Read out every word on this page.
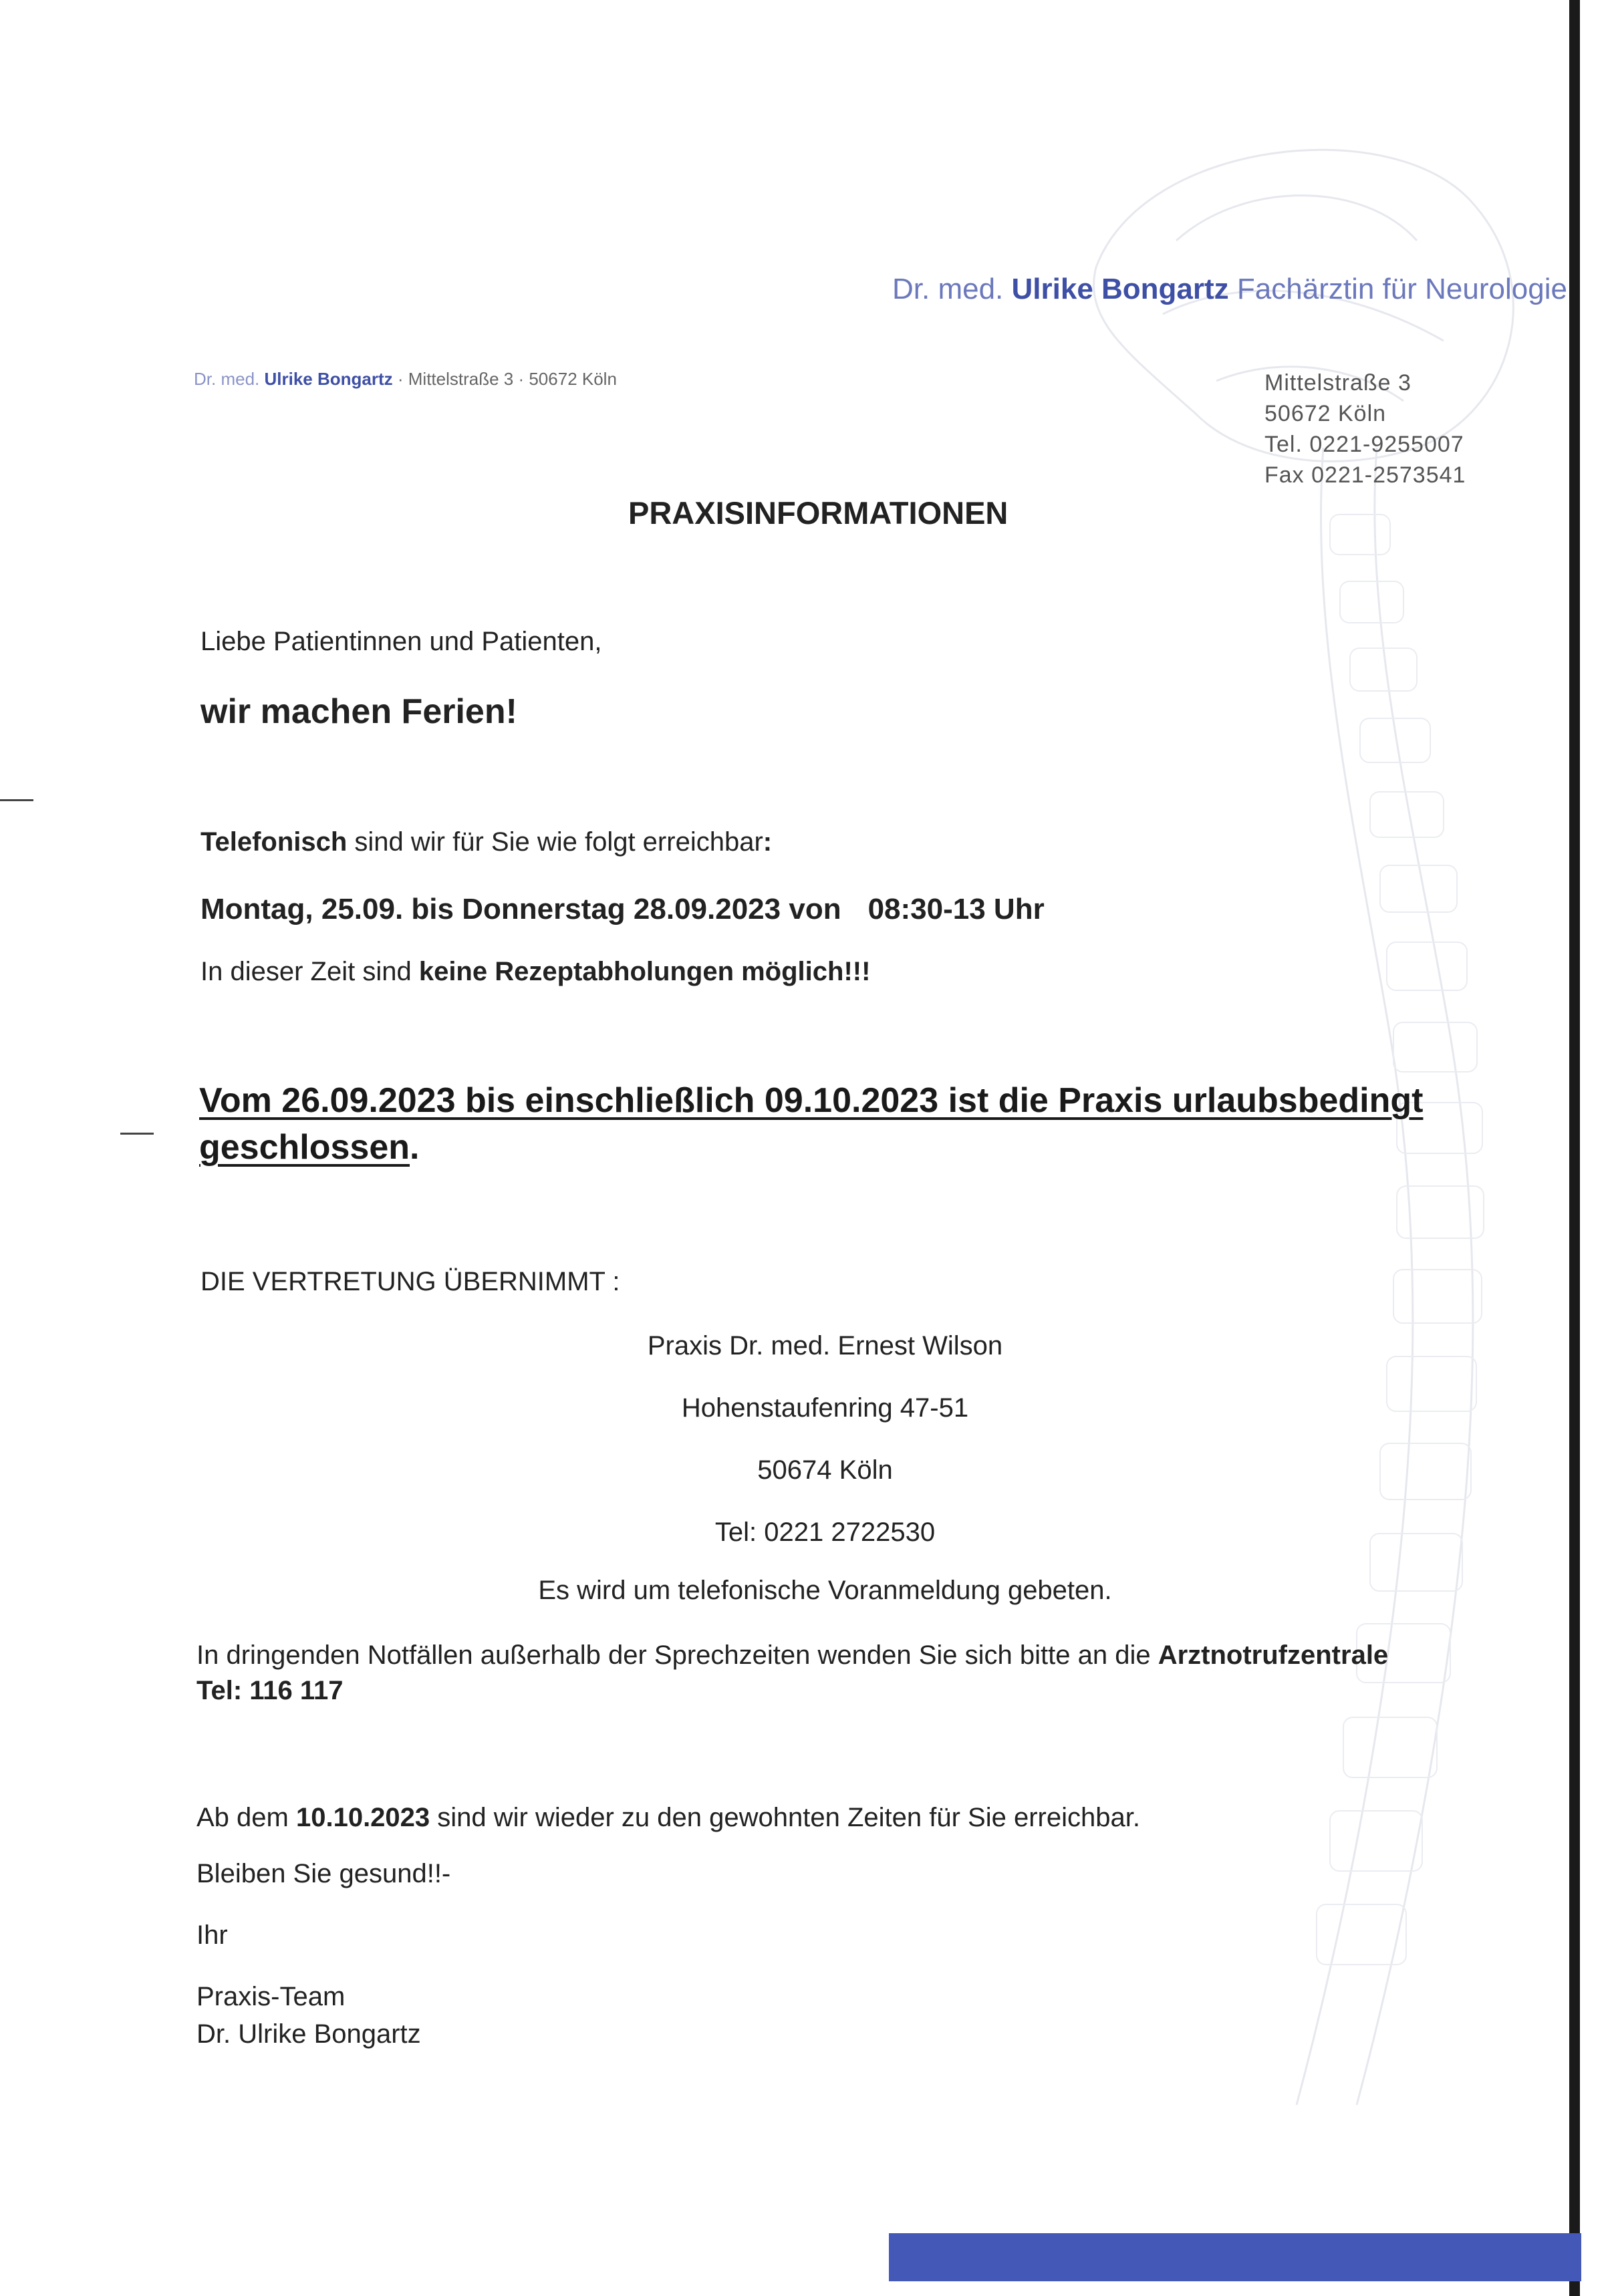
Dr. med. Ulrike Bongartz Fachärztin für Neurologie

Dr. med. Ulrike Bongartz · Mittelstraße 3 · 50672 Köln	Mittelstraße 3
50672 Köln
Tel. 0221-9255007
Fax 0221-2573541
PRAXISINFORMATIONEN

Liebe Patientinnen und Patienten,

wir machen Ferien!

Telefonisch sind wir für Sie wie folgt erreichbar:

Montag, 25.09. bis Donnerstag 28.09.2023 von 08:30-13 Uhr

In dieser Zeit sind keine Rezeptabholungen möglich!!!

Vom 26.09.2023 bis einschließlich 09.10.2023 ist die Praxis urlaubsbedingt
geschlossen.

DIE VERTRETUNG ÜBERNIMMT :

Praxis Dr. med. Ernest Wilson

Hohenstaufenring 47-51

50674 Köln

Tel: 0221 2722530

Es wird um telefonische Voranmeldung gebeten.

In dringenden Notfällen außerhalb der Sprechzeiten wenden Sie sich bitte an die Arztnotrufzentrale

Tel: 116 117

Ab dem 10.10.2023 sind wir wieder zu den gewohnten Zeiten für Sie erreichbar.

Bleiben Sie gesund!!-

Ihr

Praxis-Team

Dr. Ulrike Bongartz
